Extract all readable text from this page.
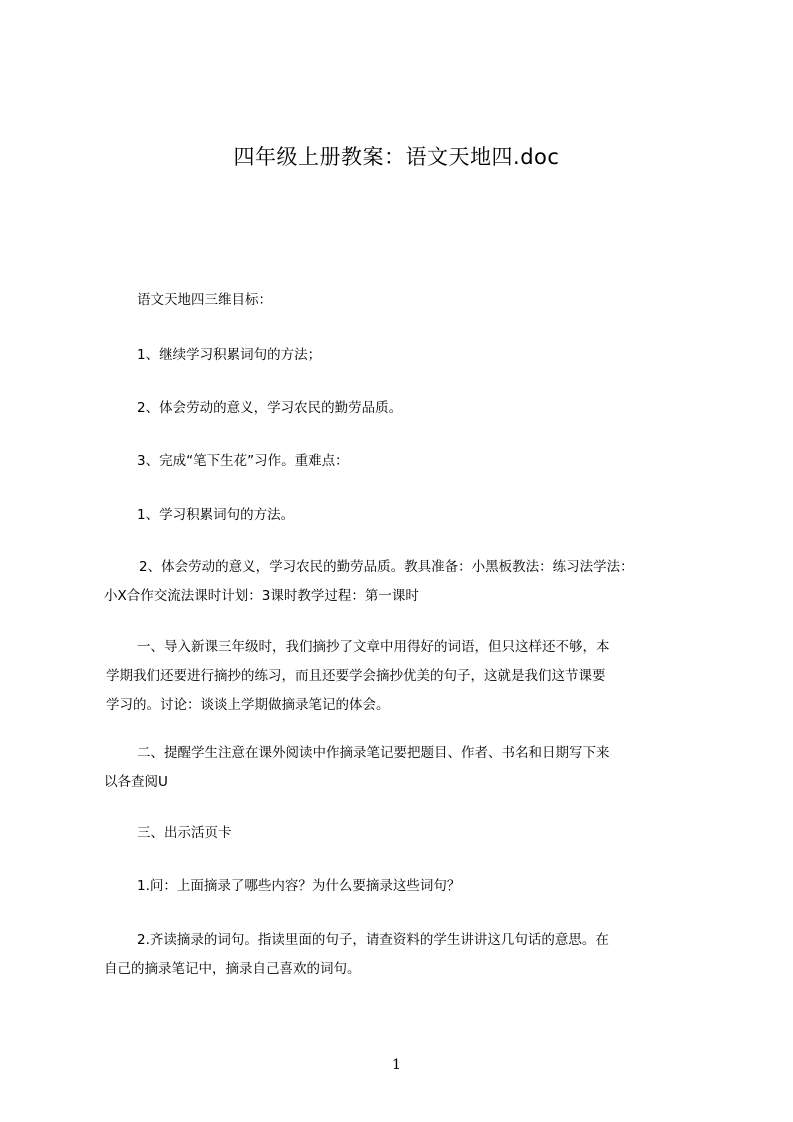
四年级上册教案：语文天地四.doc
语文天地四三维目标：
1、继续学习积累词句的方法；
2、体会劳动的意义，学习农民的勤劳品质。
3、完成“笔下生花”习作。重难点：
1、学习积累词句的方法。
2、体会劳动的意义，学习农民的勤劳品质。教具准备：小黑板教法：练习法学法：
小X合作交流法课时计划：3课时教学过程：第一课时
一、导入新课三年级时，我们摘抄了文章中用得好的词语，但只这样还不够，本
学期我们还要进行摘抄的练习，而且还要学会摘抄优美的句子，这就是我们这节课要
学习的。讨论：谈谈上学期做摘录笔记的体会。
二、提醒学生注意在课外阅读中作摘录笔记要把题目、作者、书名和日期写下来
以各查阅U
三、出示活页卡
1.问：上面摘录了哪些内容？为什么要摘录这些词句？
2.齐读摘录的词句。指读里面的句子，请查资料的学生讲讲这几句话的意思。在
自己的摘录笔记中，摘录自己喜欢的词句。
1
